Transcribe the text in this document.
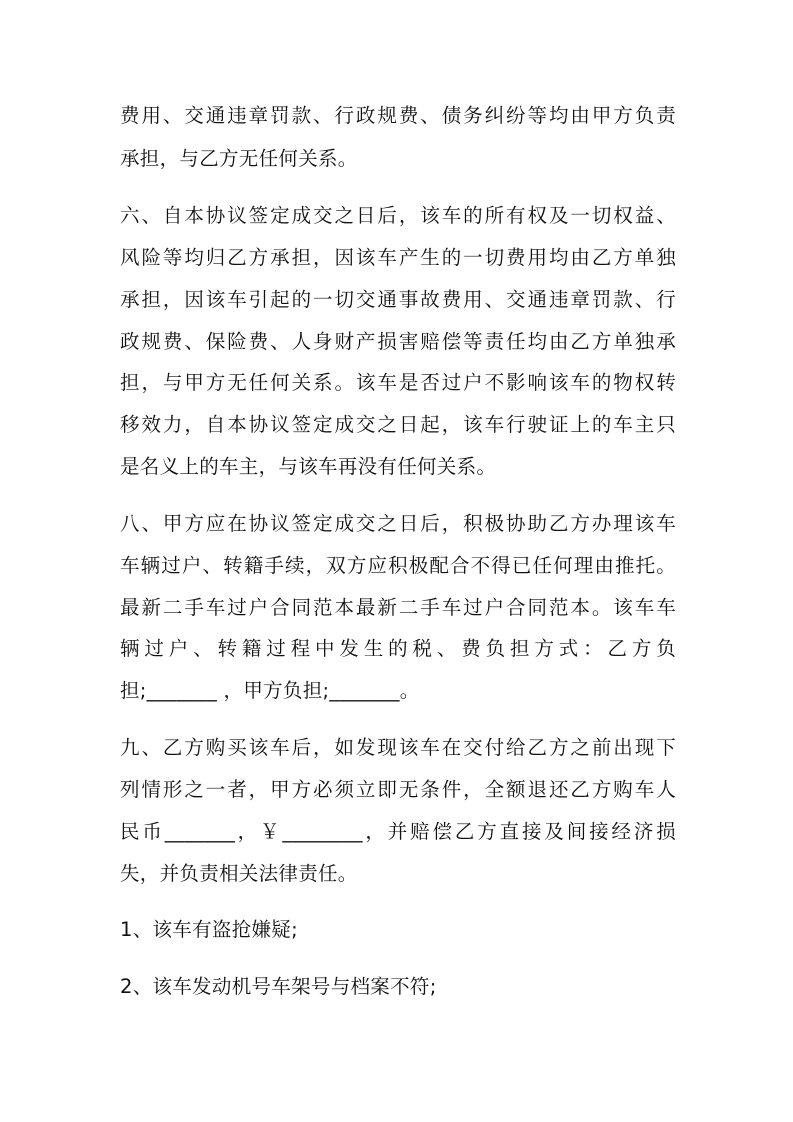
费用、交通违章罚款、行政规费、债务纠纷等均由甲方负责
承担，与乙方无任何关系。
六、自本协议签定成交之日后，该车的所有权及一切权益、
风险等均归乙方承担，因该车产生的一切费用均由乙方单独
承担，因该车引起的一切交通事故费用、交通违章罚款、行
政规费、保险费、人身财产损害赔偿等责任均由乙方单独承
担，与甲方无任何关系。该车是否过户不影响该车的物权转
移效力，自本协议签定成交之日起，该车行驶证上的车主只
是名义上的车主，与该车再没有任何关系。
八、甲方应在协议签定成交之日后，积极协助乙方办理该车
车辆过户、转籍手续，双方应积极配合不得已任何理由推托。
最新二手车过户合同范本最新二手车过户合同范本。该车车
辆过户、转籍过程中发生的税、费负担方式：乙方负
担;_______ ，甲方负担;_______。
九、乙方购买该车后，如发现该车在交付给乙方之前出现下
列情形之一者，甲方必须立即无条件，全额退还乙方购车人
民币_______，￥________，并赔偿乙方直接及间接经济损
失，并负责相关法律责任。
1、该车有盗抢嫌疑;
2、该车发动机号车架号与档案不符;
